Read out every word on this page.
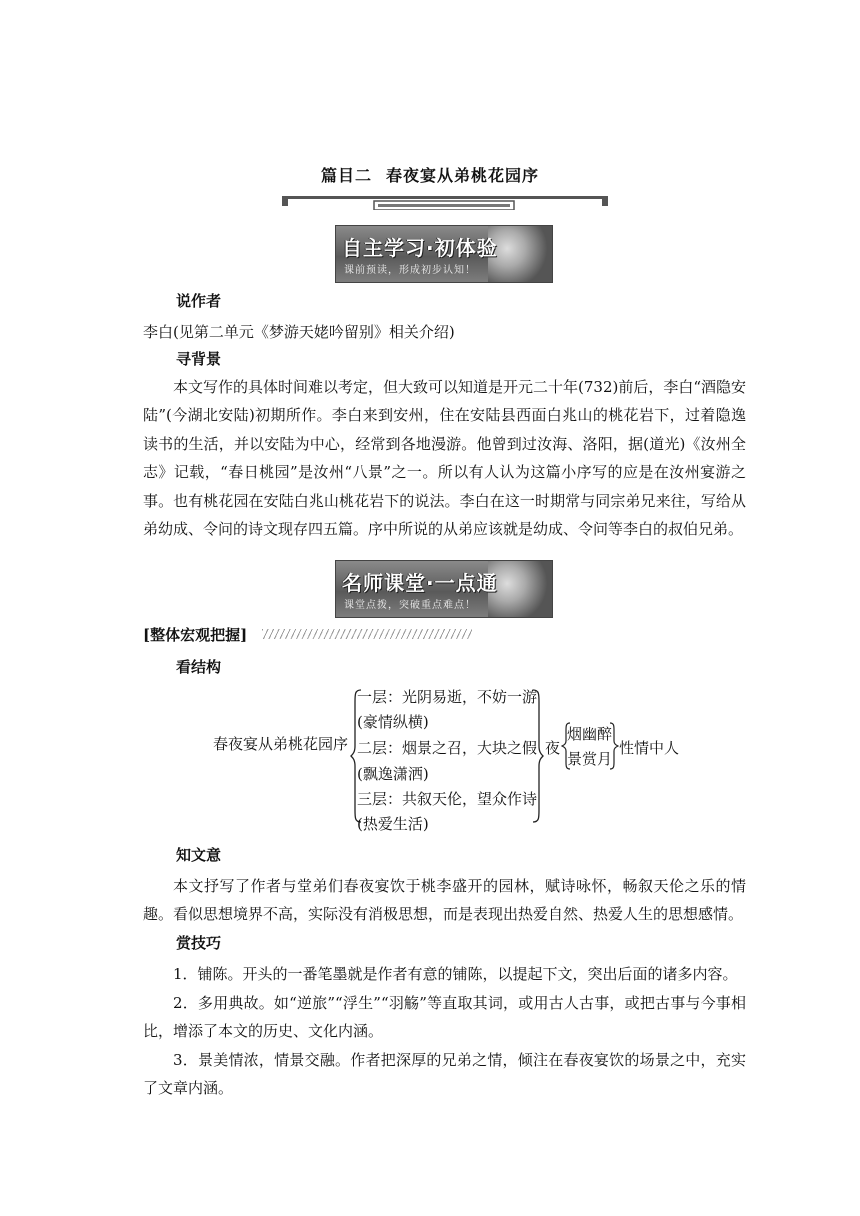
篇目二 春夜宴从弟桃花园序
自主学习·初体验
课前预读，形成初步认知！
说作者
李白(见第二单元《梦游天姥吟留别》相关介绍)
寻背景
本文写作的具体时间难以考定，但大致可以知道是开元二十年(732)前后，李白“酒隐安陆”(今湖北安陆)初期所作。李白来到安州，住在安陆县西面白兆山的桃花岩下，过着隐逸读书的生活，并以安陆为中心，经常到各地漫游。他曾到过汝海、洛阳，据(道光)《汝州全志》记载，“春日桃园”是汝州“八景”之一。所以有人认为这篇小序写的应是在汝州宴游之事。也有桃花园在安陆白兆山桃花岩下的说法。李白在这一时期常与同宗弟兄来往，写给从弟幼成、令问的诗文现存四五篇。序中所说的从弟应该就是幼成、令问等李白的叔伯兄弟。
名师课堂·一点通
课堂点拨，突破重点难点！
[整体宏观把握]
看结构
春夜宴从弟桃花园序
一层：光阴易逝，不妨一游
(豪情纵横)
二层：烟景之召，大块之假
(飘逸潇洒)
三层：共叙天伦，望众作诗
(热爱生活)
夜
烟幽醉
景赏月
性情中人
知文意
本文抒写了作者与堂弟们春夜宴饮于桃李盛开的园林，赋诗咏怀，畅叙天伦之乐的情趣。看似思想境界不高，实际没有消极思想，而是表现出热爱自然、热爱人生的思想感情。
赏技巧
1．铺陈。开头的一番笔墨就是作者有意的铺陈，以提起下文，突出后面的诸多内容。
2．多用典故。如“逆旅”“浮生”“羽觞”等直取其词，或用古人古事，或把古事与今事相比，增添了本文的历史、文化内涵。
3．景美情浓，情景交融。作者把深厚的兄弟之情，倾注在春夜宴饮的场景之中，充实了文章内涵。
